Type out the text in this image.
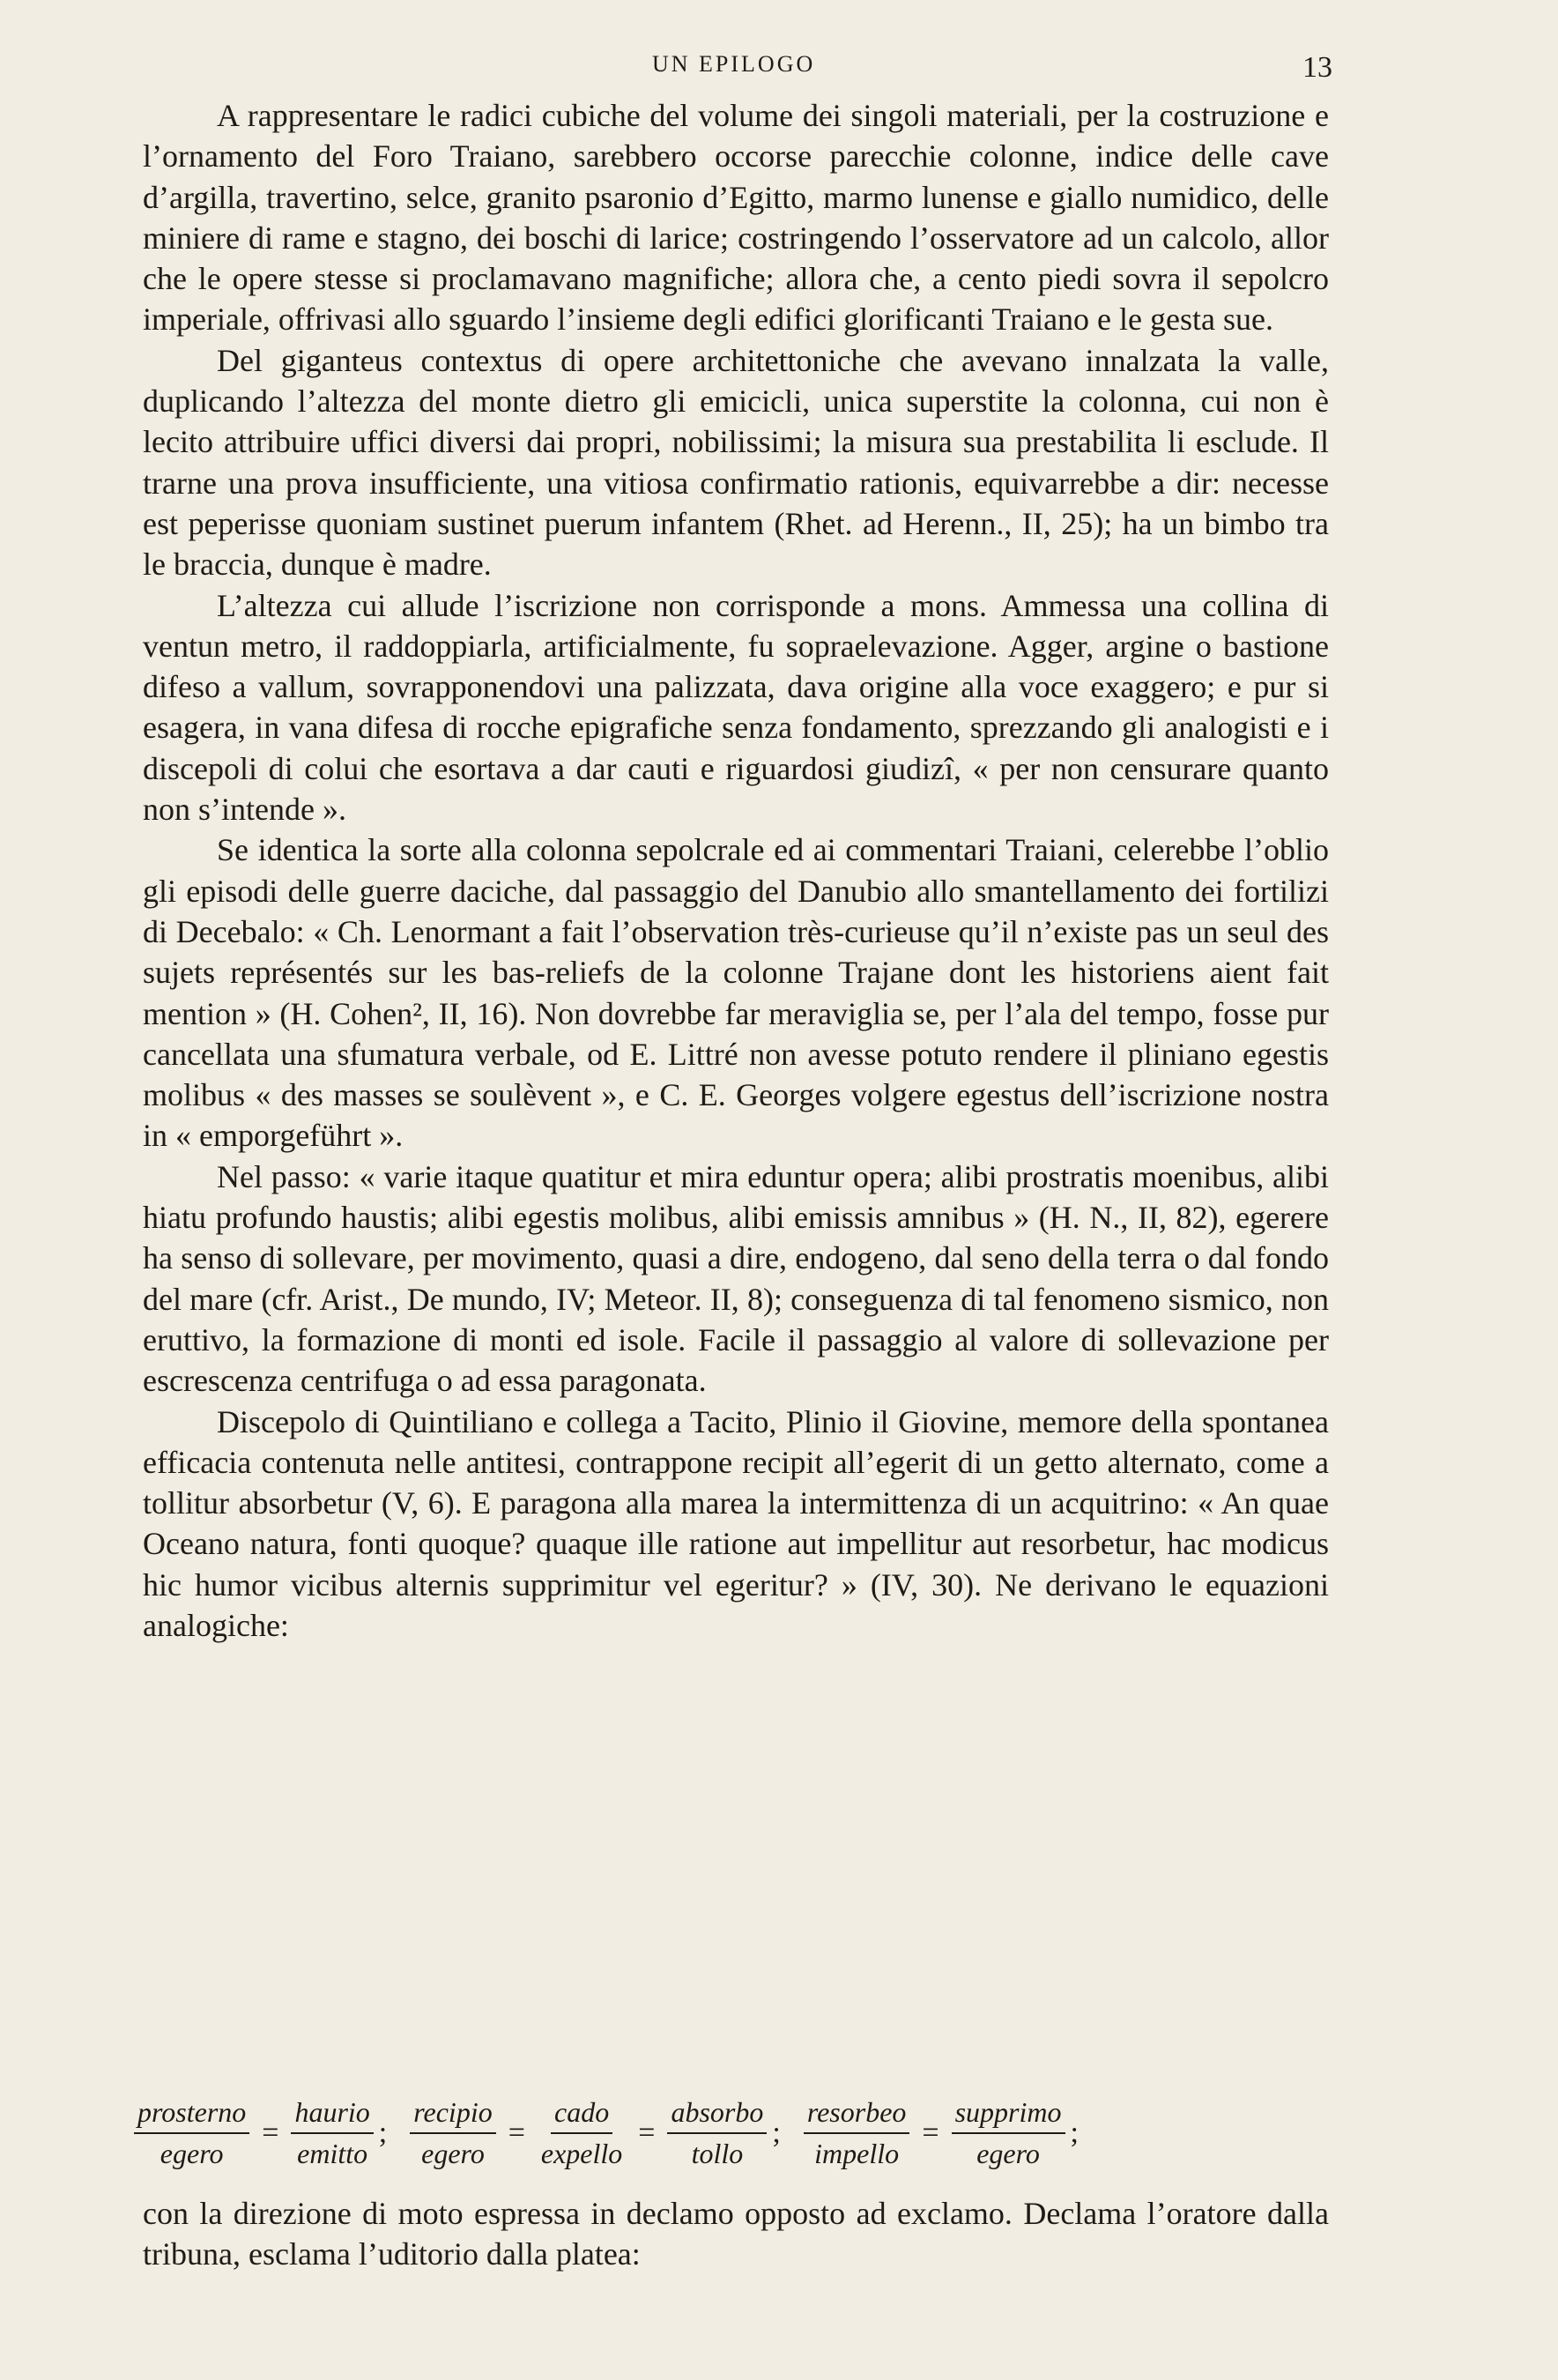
UN EPILOGO	13

A rappresentare le radici cubiche del volume dei singoli materiali, per la costruzione e l’ornamento del Foro Traiano, sarebbero occorse parecchie colonne, indice delle cave d’argilla, travertino, selce, granito psaronio d’Egitto, marmo lunense e giallo numidico, delle miniere di rame e stagno, dei boschi di larice; costringendo l’osservatore ad un calcolo, allor che le opere stesse si proclamavano magnifiche; allora che, a cento piedi sovra il sepolcro imperiale, offrivasi allo sguardo l’insieme degli edifici glorificanti Traiano e le gesta sue.

Del gigantеus contextus di opere architettoniche che avevano innalzata la valle, duplicando l’altezza del monte dietro gli emicicli, unica superstite la colonna, cui non è lecito attribuire uffici diversi dai propri, nobilissimi; la misura sua prestabilita li esclude. Il trarne una prova insufficiente, una vitiosa confirmatio rationis, equivarrebbe a dir: necesse est peperisse quoniam sustinet puerum infantem (Rhet. ad Herenn., II, 25); ha un bimbo tra le braccia, dunque è madre.

L’altezza cui allude l’iscrizione non corrisponde a mons. Ammessa una collina di ventun metro, il raddoppiarla, artificialmente, fu sopraelevazione. Agger, argine o bastione difeso a vallum, sovrapponendovi una palizzata, dava origine alla voce exaggero; e pur si esagera, in vana difesa di rocche epigrafiche senza fondamento, sprezzando gli analogisti e i discepoli di colui che esortava a dar cauti e riguardosi giudizî, « per non censurare quanto non s’intende ».

Se identica la sorte alla colonna sepolcrale ed ai commentari Traiani, celerebbe l’oblio gli episodi delle guerre daciche, dal passaggio del Danubio allo smantellamento dei fortilizi di Decebalo: « Ch. Lenormant a fait l’observation très-curieuse qu’il n’existe pas un seul des sujets représentés sur les bas-reliefs de la colonne Trajane dont les historiens aient fait mention » (H. Cohen², II, 16). Non dovrebbe far meraviglia se, per l’ala del tempo, fosse pur cancellata una sfumatura verbale, od E. Littré non avesse potuto rendere il pliniano egestis molibus « des masses se soulèvent », e C. E. Georges volgere egestus dell’iscrizione nostra in « emporgeführt ».

Nel passo: « varie itaque quatitur et mira eduntur opera; alibi prostratis moenibus, alibi hiatu profundo haustis; alibi egestis molibus, alibi emissis amnibus » (H. N., II, 82), egerere ha senso di sollevare, per movimento, quasi a dire, endogeno, dal seno della terra o dal fondo del mare (cfr. Arist., De mundo, IV; Meteor. II, 8); conseguenza di tal fenomeno sismico, non eruttivo, la formazione di monti ed isole. Facile il passaggio al valore di sollevazione per escrescenza centrifuga o ad essa paragonata.

Discepolo di Quintiliano e collega a Tacito, Plinio il Giovine, memore della spontanea efficacia contenuta nelle antitesi, contrappone recipit all’egerit di un getto alternato, come a tollitur absorbetur (V, 6). E paragona alla marea la intermittenza di un acquitrino: « An quae Oceano natura, fonti quoque? quaque ille ratione aut impellitur aut resorbetur, hac modicus hic humor vicibus alternis supprimitur vel egeritur? » (IV, 30). Ne derivano le equazioni analogiche:

$\frac{\text{prosterno}}{\text{egero}} = \frac{\text{haurio}}{\text{emitto}}$ ; $\frac{\text{recipio}}{\text{egero}} = \frac{\text{cado}}{\text{expello}} = \frac{\text{absorbo}}{\text{tollo}}$ ; $\frac{\text{resorbeo}}{\text{impello}} = \frac{\text{supprimo}}{\text{egero}}$ ;

con la direzione di moto espressa in declamo opposto ad exclamo. Declama l’oratore dalla tribuna, esclama l’uditorio dalla platea:
